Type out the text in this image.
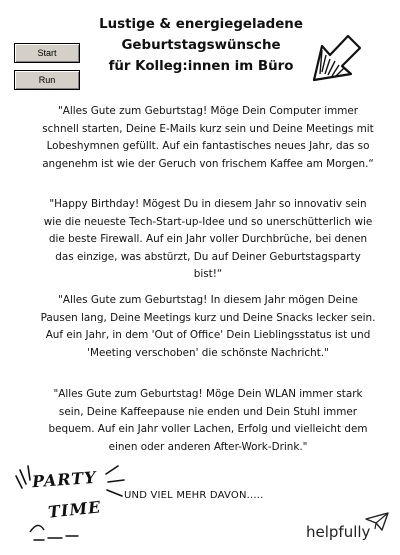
Start
Run
Lustige & energiegeladene
Geburtstagswünsche
für Kolleg:innen im Büro

"Alles Gute zum Geburtstag! Möge Dein Computer immer schnell starten, Deine E-Mails kurz sein und Deine Meetings mit Lobeshymnen gefüllt. Auf ein fantastisches neues Jahr, das so angenehm ist wie der Geruch von frischem Kaffee am Morgen.“

"Happy Birthday! Mögest Du in diesem Jahr so innovativ sein wie die neueste Tech-Start-up-Idee und so unerschütterlich wie die beste Firewall. Auf ein Jahr voller Durchbrüche, bei denen das einzige, was abstürzt, Du auf Deiner Geburtstagsparty bist!“

"Alles Gute zum Geburtstag! In diesem Jahr mögen Deine Pausen lang, Deine Meetings kurz und Deine Snacks lecker sein. Auf ein Jahr, in dem 'Out of Office' Dein Lieblingsstatus ist und 'Meeting verschoben' die schönste Nachricht."

"Alles Gute zum Geburtstag! Möge Dein WLAN immer stark sein, Deine Kaffeepause nie enden und Dein Stuhl immer bequem. Auf ein Jahr voller Lachen, Erfolg und vielleicht dem einen oder anderen After-Work-Drink."

PARTY
TIME

UND VIEL MEHR DAVON.....

helpfully
